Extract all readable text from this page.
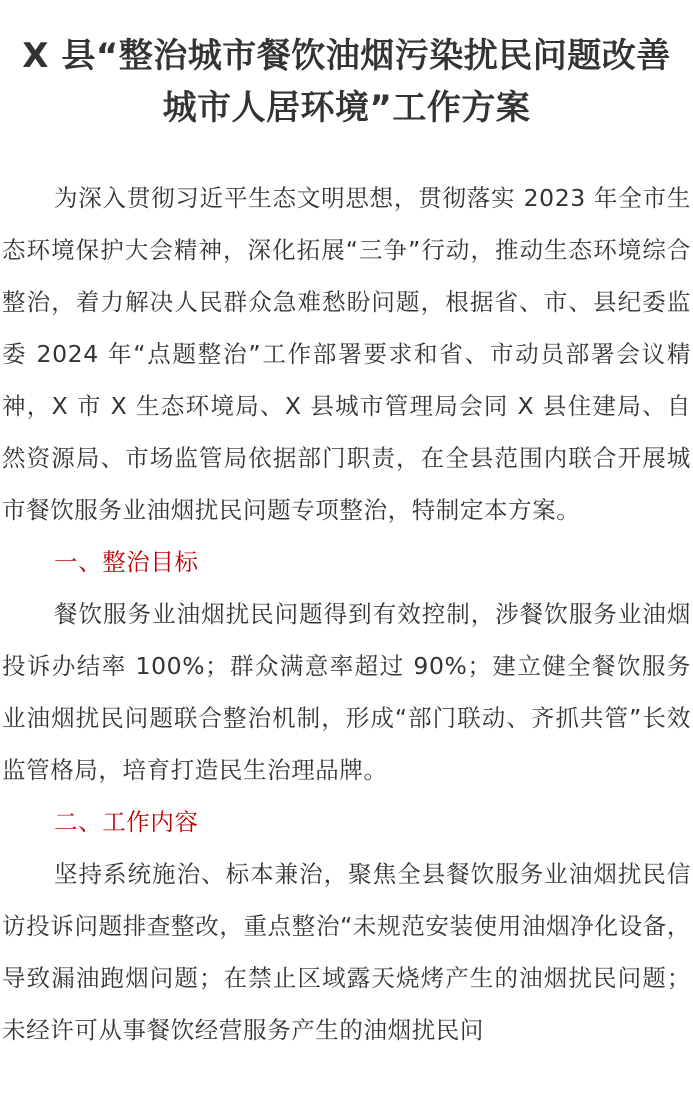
X 县“整治城市餐饮油烟污染扰民问题改善
城市人居环境”工作方案

为深入贯彻习近平生态文明思想，贯彻落实 2023 年全市生态环境保护大会精神，深化拓展“三争”行动，推动生态环境综合整治，着力解决人民群众急难愁盼问题，根据省、市、县纪委监委 2024 年“点题整治”工作部署要求和省、市动员部署会议精神，X 市 X 生态环境局、X 县城市管理局会同 X 县住建局、自然资源局、市场监管局依据部门职责，在全县范围内联合开展城市餐饮服务业油烟扰民问题专项整治，特制定本方案。

一、整治目标

餐饮服务业油烟扰民问题得到有效控制，涉餐饮服务业油烟投诉办结率 100%；群众满意率超过 90%；建立健全餐饮服务业油烟扰民问题联合整治机制，形成“部门联动、齐抓共管”长效监管格局，培育打造民生治理品牌。

二、工作内容

坚持系统施治、标本兼治，聚焦全县餐饮服务业油烟扰民信访投诉问题排查整改，重点整治“未规范安装使用油烟净化设备，导致漏油跑烟问题；在禁止区域露天烧烤产生的油烟扰民问题；未经许可从事餐饮经营服务产生的油烟扰民问
